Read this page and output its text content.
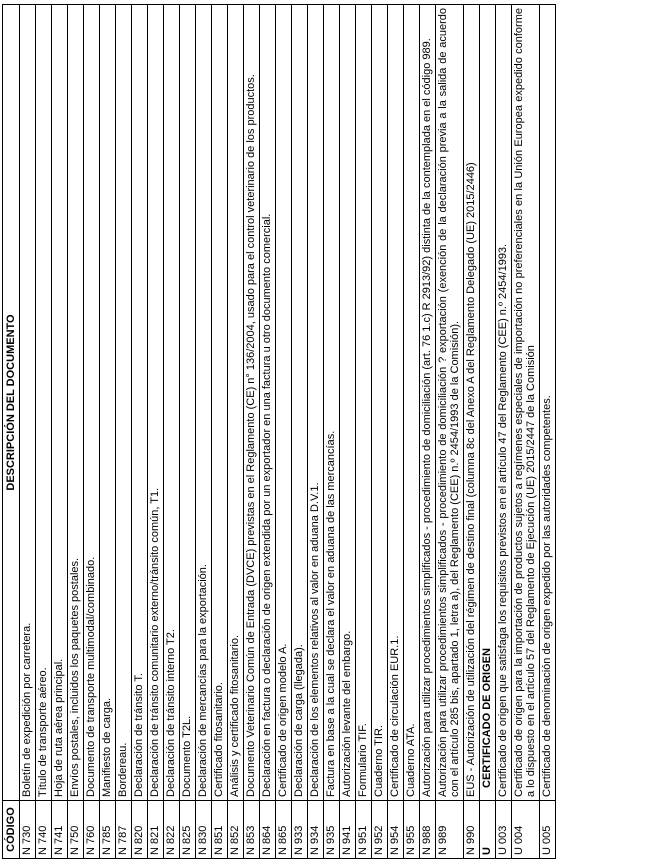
CÓDIGO	DESCRIPCIÓN DEL DOCUMENTO
N 730	Boletín de expedición por carretera.
N 740	Título de transporte aéreo.
N 741	Hoja de ruta aérea principal.
N 750	Envíos postales, incluidos los paquetes postales.
N 760	Documento de transporte multimodal/combinado.
N 785	Manifiesto de carga.
N 787	Bordereau.
N 820	Declaración de tránsito T.
N 821	Declaración de tránsito comunitario externo/tránsito común, T1.
N 822	Declaración de tránsito interno T2.
N 825	Documento T2L.
N 830	Declaración de mercancías para la exportación.
N 851	Certificado fitosanitario.
N 852	Análisis y certificado fitosanitario.
N 853	Documento Veterinario Común de Entrada (DVCE) previstas en el Reglamento (CE) n° 136/2004, usado para el control veterinario de los productos.
N 864	Declaración en factura o declaración de origen extendida por un exportador en una factura u otro documento comercial.
N 865	Certificado de origen modelo A.
N 933	Declaración de carga (llegada).
N 934	Declaración de los elementos relativos al valor en aduana D.V.1.
N 935	Factura en base a la cual se declara el valor en aduana de las mercancías.
N 941	Autorización levante del embargo.
N 951	Formulario TIF.
N 952	Cuaderno TIR.
N 954	Certificado de circulación EUR.1.
N 955	Cuaderno ATA.
N 988	Autorización para utilizar procedimientos simplificados - procedimiento de domiciliación (art. 76 1.c) R 2913/92) distinta de la contemplada en el código 989.
N 989	Autorización para utilizar procedimientos simplificados - procedimiento de domiciliación ? exportación (exención de la declaración previa a la salida de acuerdo con el artículo 285 bis, apartado 1, letra a), del Reglamento (CEE) n.º 2454/1993 de la Comisión).
N 990	EUS - Autorización de utilización del régimen de destino final (columna 8c del Anexo A del Reglamento Delegado (UE) 2015/2446)
U	CERTIFICADO DE ORIGEN
U 003	Certificado de origen que satisfaga los requisitos previstos en el artículo 47 del Reglamento (CEE) n.º 2454/1993.
U 004	Certificado de origen para la importación de productos sujetos a regímenes especiales de importación no preferenciales en la Unión Europea expedido conforme a lo dispuesto en el artículo 57 del Reglamento de Ejecución (UE) 2015/2447 de la Comisión
U 005	Certificado de denominación de origen expedido por las autoridades competentes.
